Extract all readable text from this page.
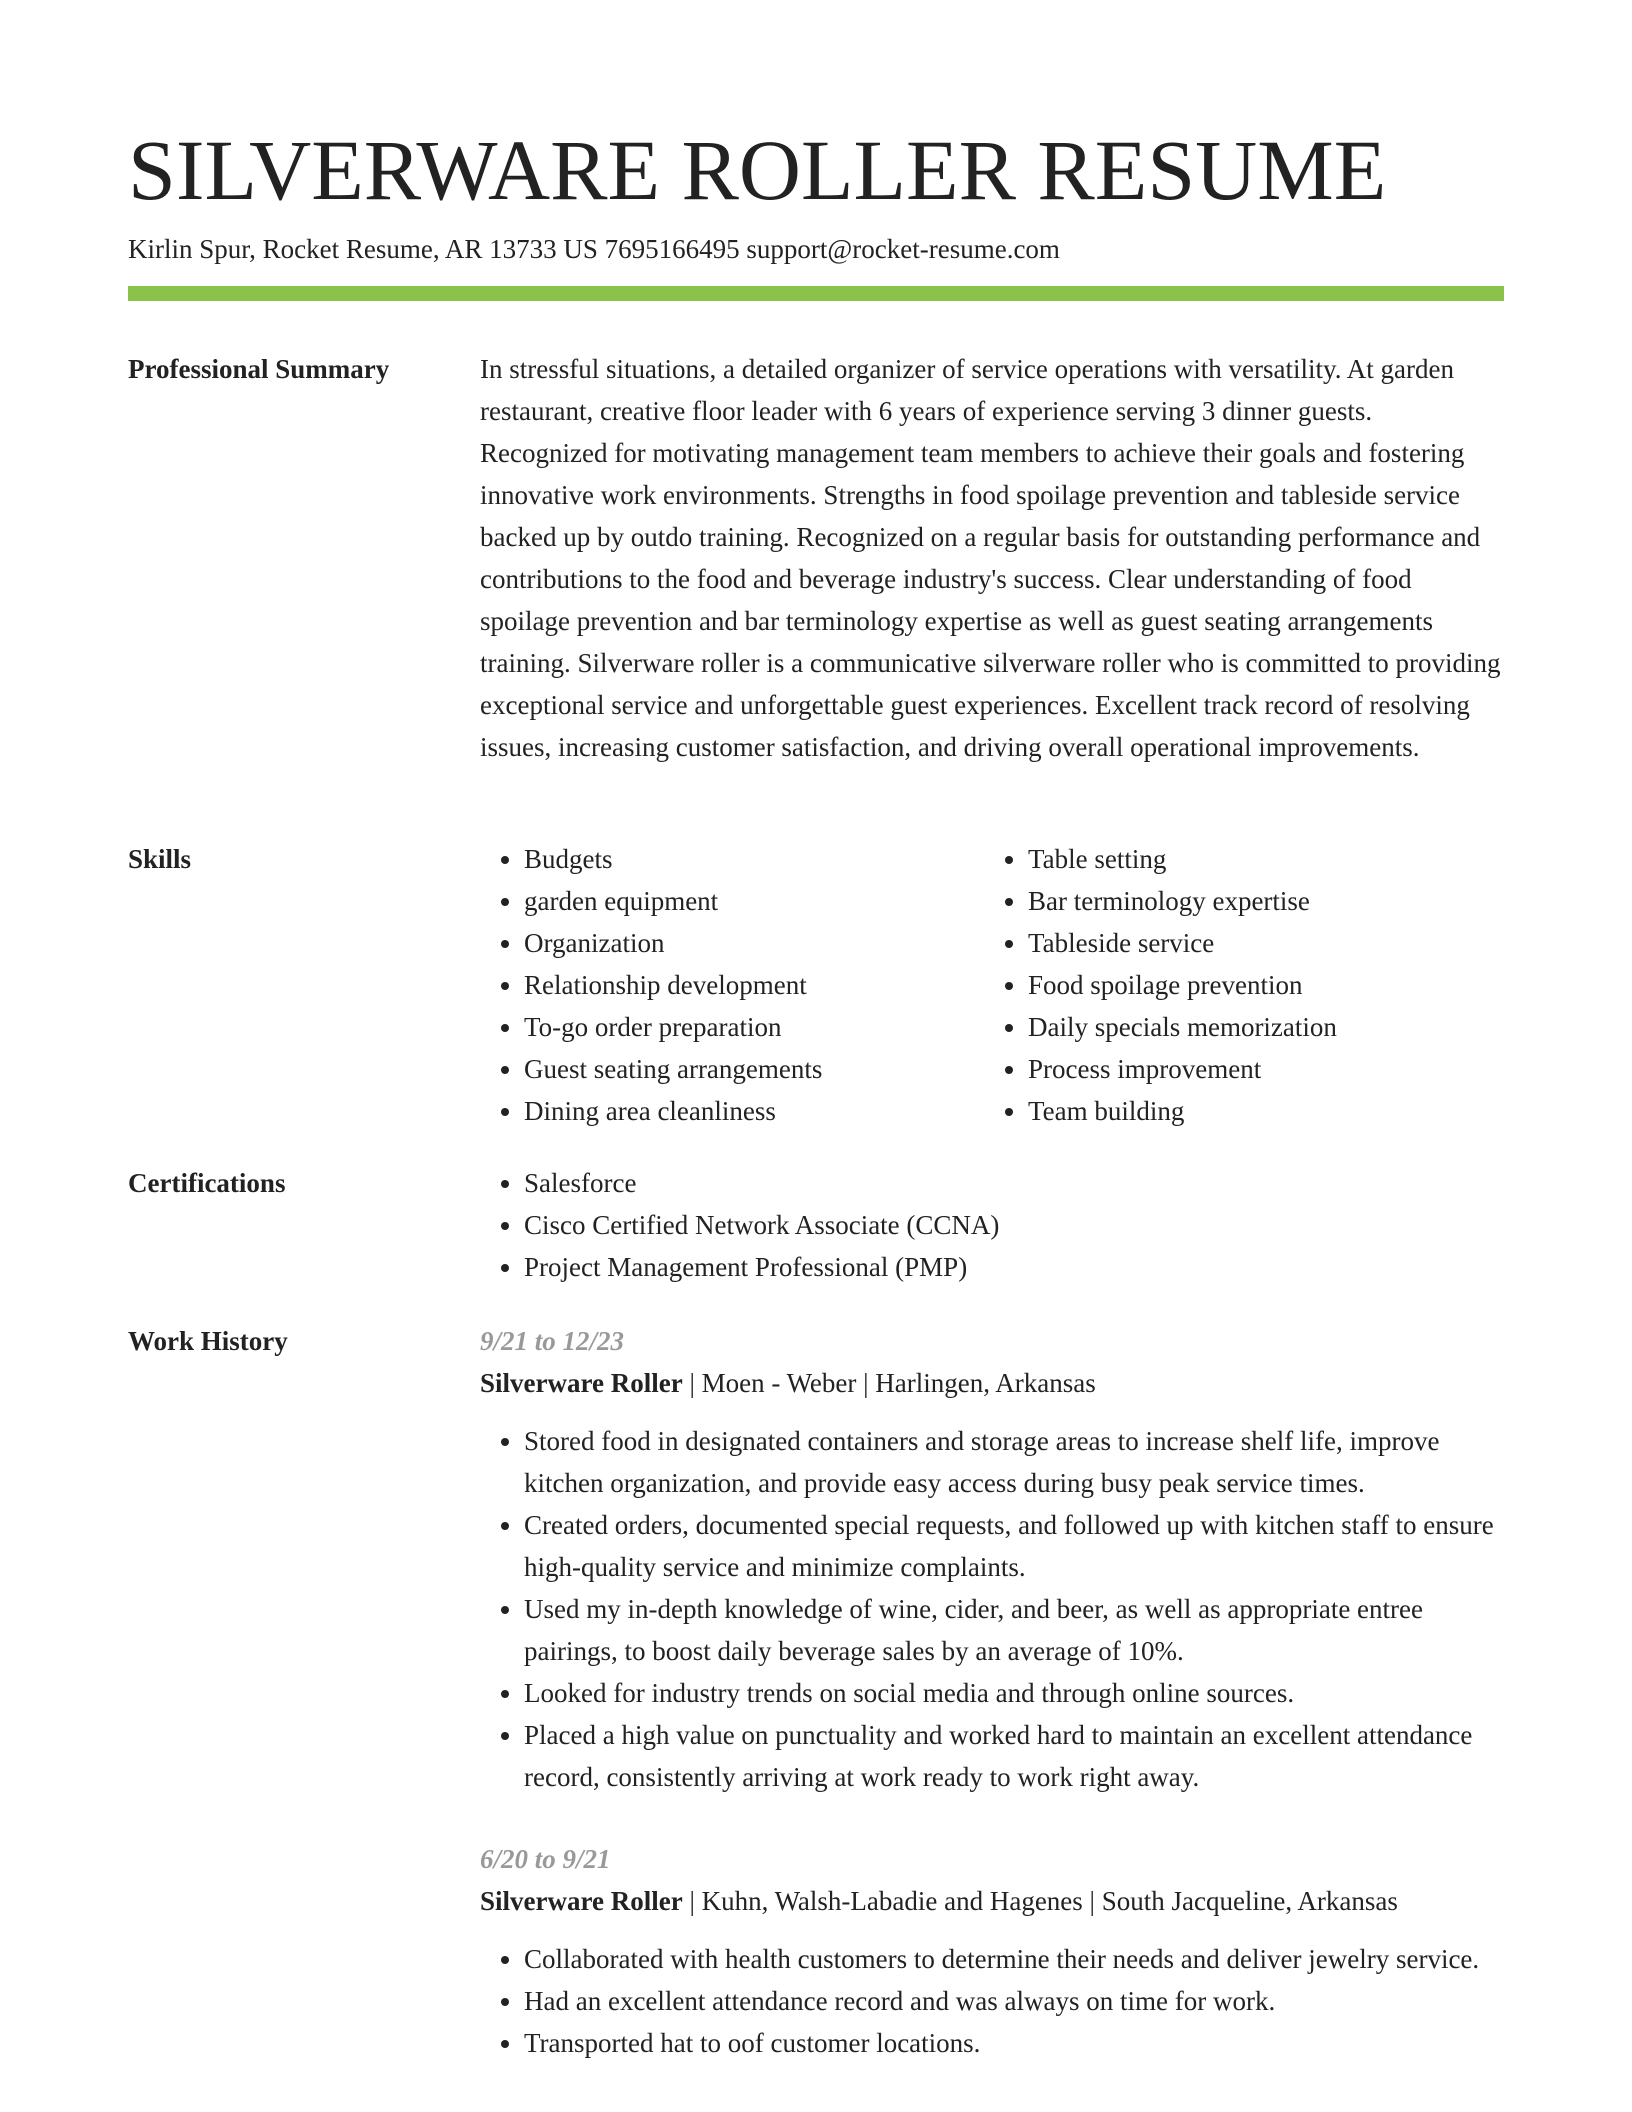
SILVERWARE ROLLER RESUME
Kirlin Spur, Rocket Resume, AR 13733 US 7695166495 support@rocket-resume.com
Professional Summary	In stressful situations, a detailed organizer of service operations with versatility. At garden restaurant, creative floor leader with 6 years of experience serving 3 dinner guests. Recognized for motivating management team members to achieve their goals and fostering innovative work environments. Strengths in food spoilage prevention and tableside service backed up by outdo training. Recognized on a regular basis for outstanding performance and contributions to the food and beverage industry's success. Clear understanding of food spoilage prevention and bar terminology expertise as well as guest seating arrangements training. Silverware roller is a communicative silverware roller who is committed to providing exceptional service and unforgettable guest experiences. Excellent track record of resolving issues, increasing customer satisfaction, and driving overall operational improvements.

Skills	• Budgets
• garden equipment
• Organization
• Relationship development
• To-go order preparation
• Guest seating arrangements
• Dining area cleanliness
• Table setting
• Bar terminology expertise
• Tableside service
• Food spoilage prevention
• Daily specials memorization
• Process improvement
• Team building
Certifications	• Salesforce
• Cisco Certified Network Associate (CCNA)
• Project Management Professional (PMP)
Work History	9/21 to 12/23
Silverware Roller | Moen - Weber | Harlingen, Arkansas
• Stored food in designated containers and storage areas to increase shelf life, improve kitchen organization, and provide easy access during busy peak service times.
• Created orders, documented special requests, and followed up with kitchen staff to ensure high-quality service and minimize complaints.
• Used my in-depth knowledge of wine, cider, and beer, as well as appropriate entree pairings, to boost daily beverage sales by an average of 10%.
• Looked for industry trends on social media and through online sources.
• Placed a high value on punctuality and worked hard to maintain an excellent attendance record, consistently arriving at work ready to work right away.
6/20 to 9/21
Silverware Roller | Kuhn, Walsh-Labadie and Hagenes | South Jacqueline, Arkansas
• Collaborated with health customers to determine their needs and deliver jewelry service.
• Had an excellent attendance record and was always on time for work.
• Transported hat to oof customer locations.
